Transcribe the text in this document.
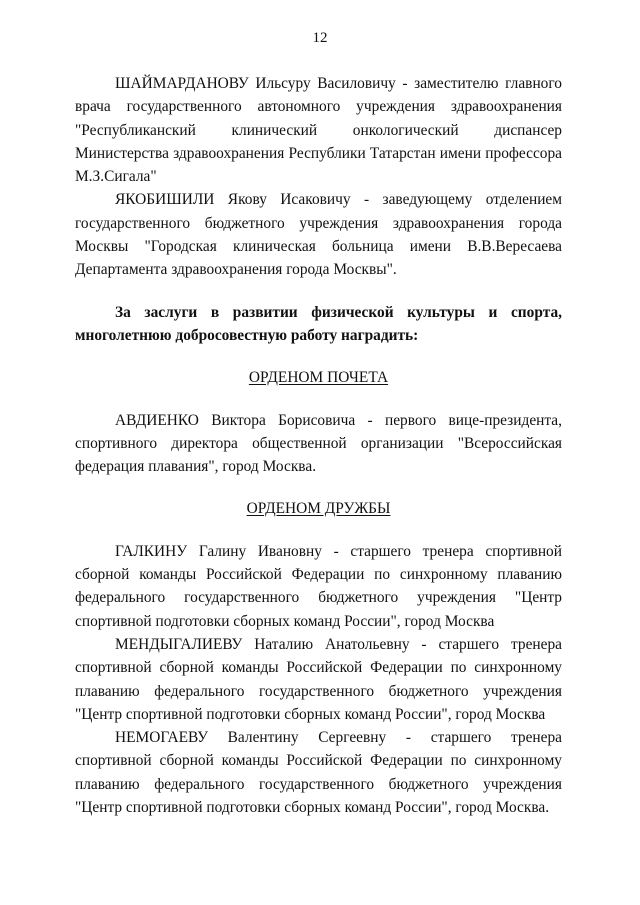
12

ШАЙМАРДАНОВУ Ильсуру Василовичу - заместителю главного врача государственного автономного учреждения здравоохранения "Республиканский клинический онкологический диспансер Министерства здравоохранения Республики Татарстан имени профессора М.З.Сигала"

ЯКОБИШИЛИ Якову Исаковичу - заведующему отделением государственного бюджетного учреждения здравоохранения города Москвы "Городская клиническая больница имени В.В.Вересаева Департамента здравоохранения города Москвы".

За заслуги в развитии физической культуры и спорта, многолетнюю добросовестную работу наградить:

ОРДЕНОМ ПОЧЕТА

АВДИЕНКО Виктора Борисовича - первого вице-президента, спортивного директора общественной организации "Всероссийская федерация плавания", город Москва.

ОРДЕНОМ ДРУЖБЫ

ГАЛКИНУ Галину Ивановну - старшего тренера спортивной сборной команды Российской Федерации по синхронному плаванию федерального государственного бюджетного учреждения "Центр спортивной подготовки сборных команд России", город Москва

МЕНДЫГАЛИЕВУ Наталию Анатольевну - старшего тренера спортивной сборной команды Российской Федерации по синхронному плаванию федерального государственного бюджетного учреждения "Центр спортивной подготовки сборных команд России", город Москва

НЕМОГАЕВУ Валентину Сергеевну - старшего тренера спортивной сборной команды Российской Федерации по синхронному плаванию федерального государственного бюджетного учреждения "Центр спортивной подготовки сборных команд России", город Москва.
